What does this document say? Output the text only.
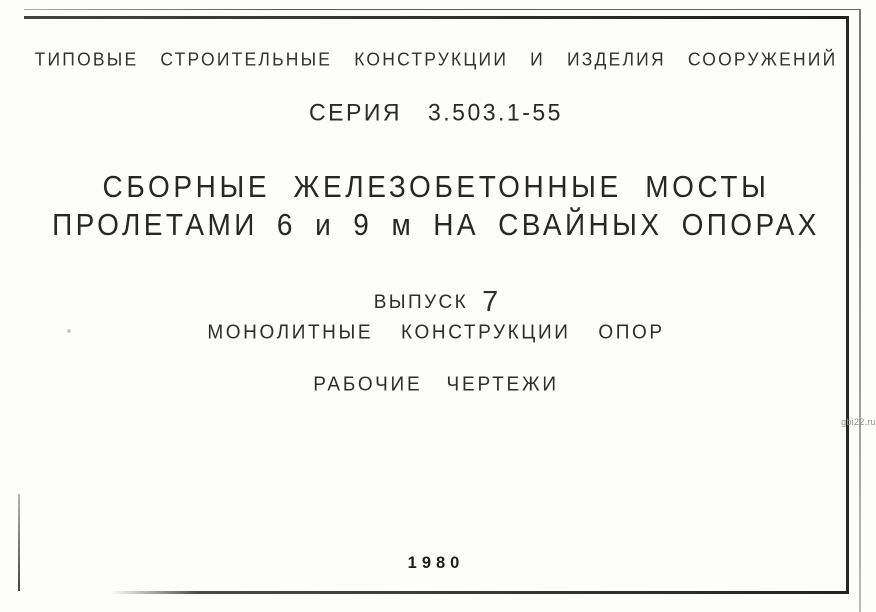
ТИПОВЫЕ СТРОИТЕЛЬНЫЕ КОНСТРУКЦИИ И ИЗДЕЛИЯ СООРУЖЕНИЙ
СЕРИЯ 3.503.1-55
СБОРНЫЕ ЖЕЛЕЗОБЕТОННЫЕ МОСТЫ
ПРОЛЕТАМИ 6 и 9 м НА СВАЙНЫХ ОПОРАХ
ВЫПУСК 7
МОНОЛИТНЫЕ КОНСТРУКЦИИ ОПОР
РАБОЧИЕ ЧЕРТЕЖИ
1980
gbi22.ru
